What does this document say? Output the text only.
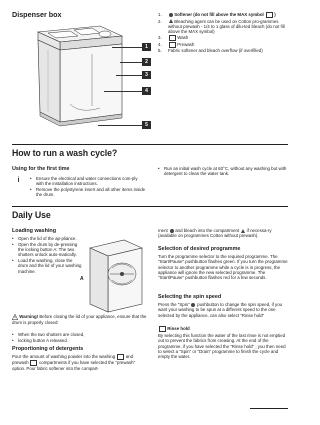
Dispenser box
1
2
3
4
5
1.	Softener (do not fill above the MAX symbol )
2.	Bleaching agent can be used on Cotton pro-grammes without prewash - 1/4 to 1 glass of dilu-ted bleach (do not fill above the MAX symbol)
3.	Wash
4.	Prewash
5. Fabric softener and bleach overflow (if overfilled)
How to run a wash cycle?
Using for the first time
i
•	Ensure the electrical and water connections com-ply with the installation instructions.
• Remove the polystyrene insert and all other items inside the drum.
• Run an initial wash cycle at 60°C, without any washing but with detergent to clean the water tank.
Daily Use
Loading washing
• Open the lid of the ap-pliance.
• Open the drum by de-pressing the locking button A: The two shutters unlock auto-matically.
• Load the washing, close the drum and the lid of your washing machine.
A
Warning! Before closing the lid of your appliance, ensure that the drum is properly closed:
• When the two shutters are closed,
• locking button A released.
Proportioning of detergents
Pour the amount of washing powder into the washing and prewash compartments if you have selected the "prewash" option. Pour fabric softener into the compart-
ment and bleach into the compartment if necessa-ry (available on programmes Cotton without prewash).
Selection of desired programme
Turn the programme selector to the required programme. The "Start/Pause" pushbutton flashes green. If you turn the programme selector to another programme while a cycle is in progress, the appliance will ignore the new selected programme. The "Start/Pause" pushbutton flashes red for a few seconds.
Selecting the spin speed
Press the "Spin" pushbutton to change the spin speed, if you want your washing to be spun at a different speed to the one selected by the appliance, can also select "Rinse hold"
Rinse hold
By selecting this function the water of the last rinse is not emptied out to prevent the fabrics from creasing. At the end of the programme, if you have selected the "Rinse hold" , you then need to select a "Spin" or "Drain" programme to finish the cycle and empty the water.
